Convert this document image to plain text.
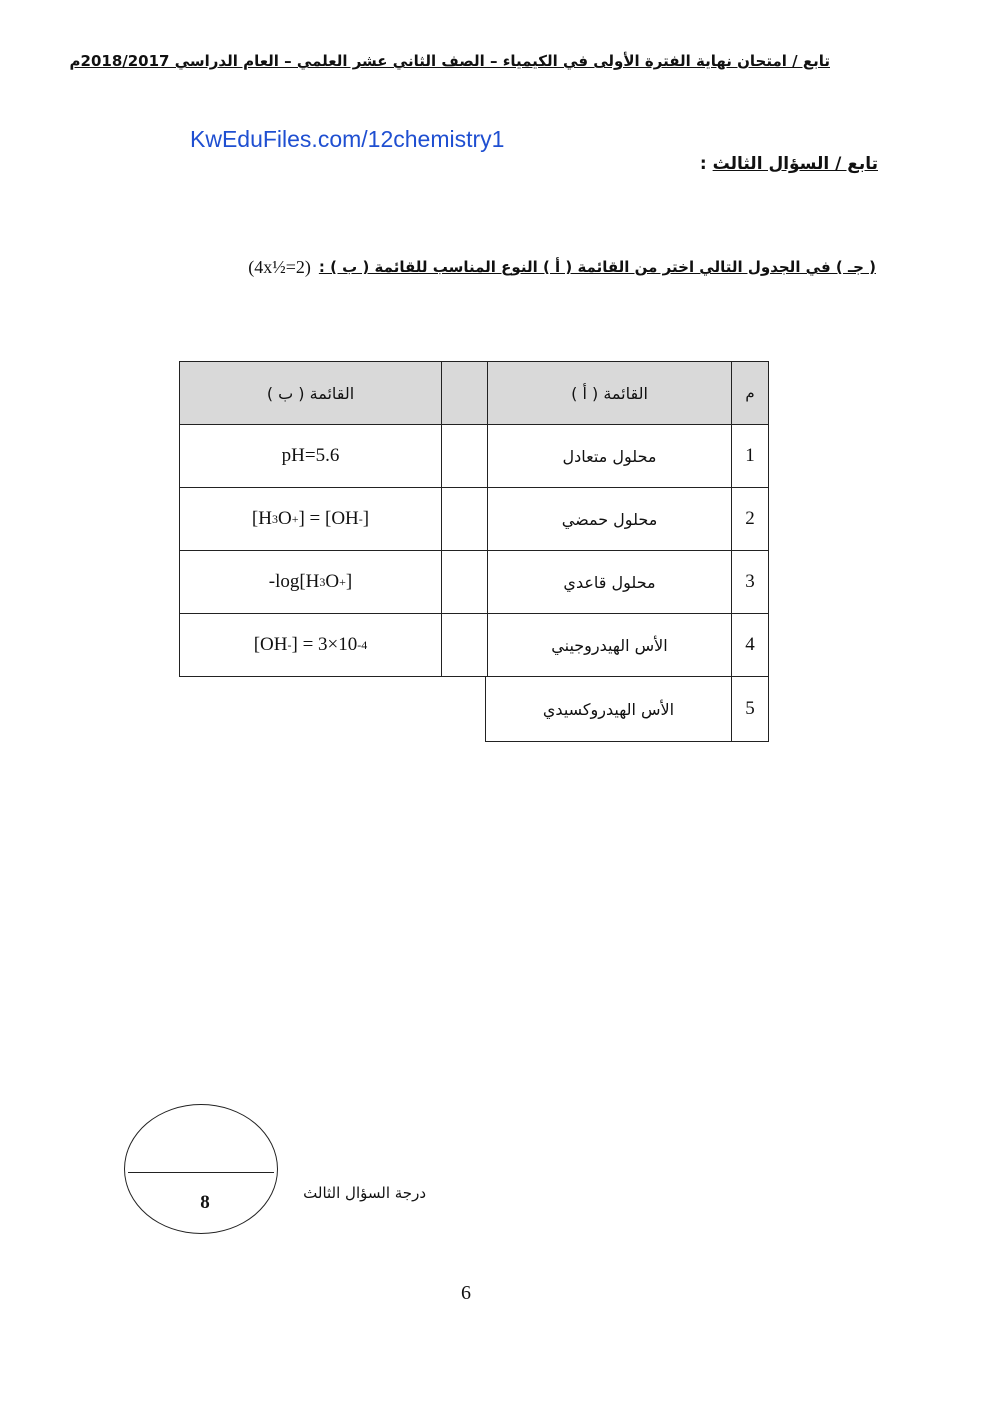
تابع / امتحان نهاية الفترة الأولى في الكيمياء – الصف الثاني عشر العلمي – العام الدراسي 2018/2017م
KwEduFiles.com/12chemistry1
تابع / السؤال الثالث :
( جـ ) في الجدول التالي اختر من القائمة ( أ ) النوع المناسب للقائمة ( ب ) :
(4x½=2)
م
القائمة ( أ )
القائمة ( ب )
1
محلول متعادل
pH=5.6
2
محلول حمضي
[H 3 O + ] = [OH - ]
3
محلول قاعدي
-log[H 3 O + ]
4
الأس الهيدروجيني
[OH - ] = 3×10 -4
5
الأس الهيدروكسيدي
8	درجة السؤال الثالث
6
